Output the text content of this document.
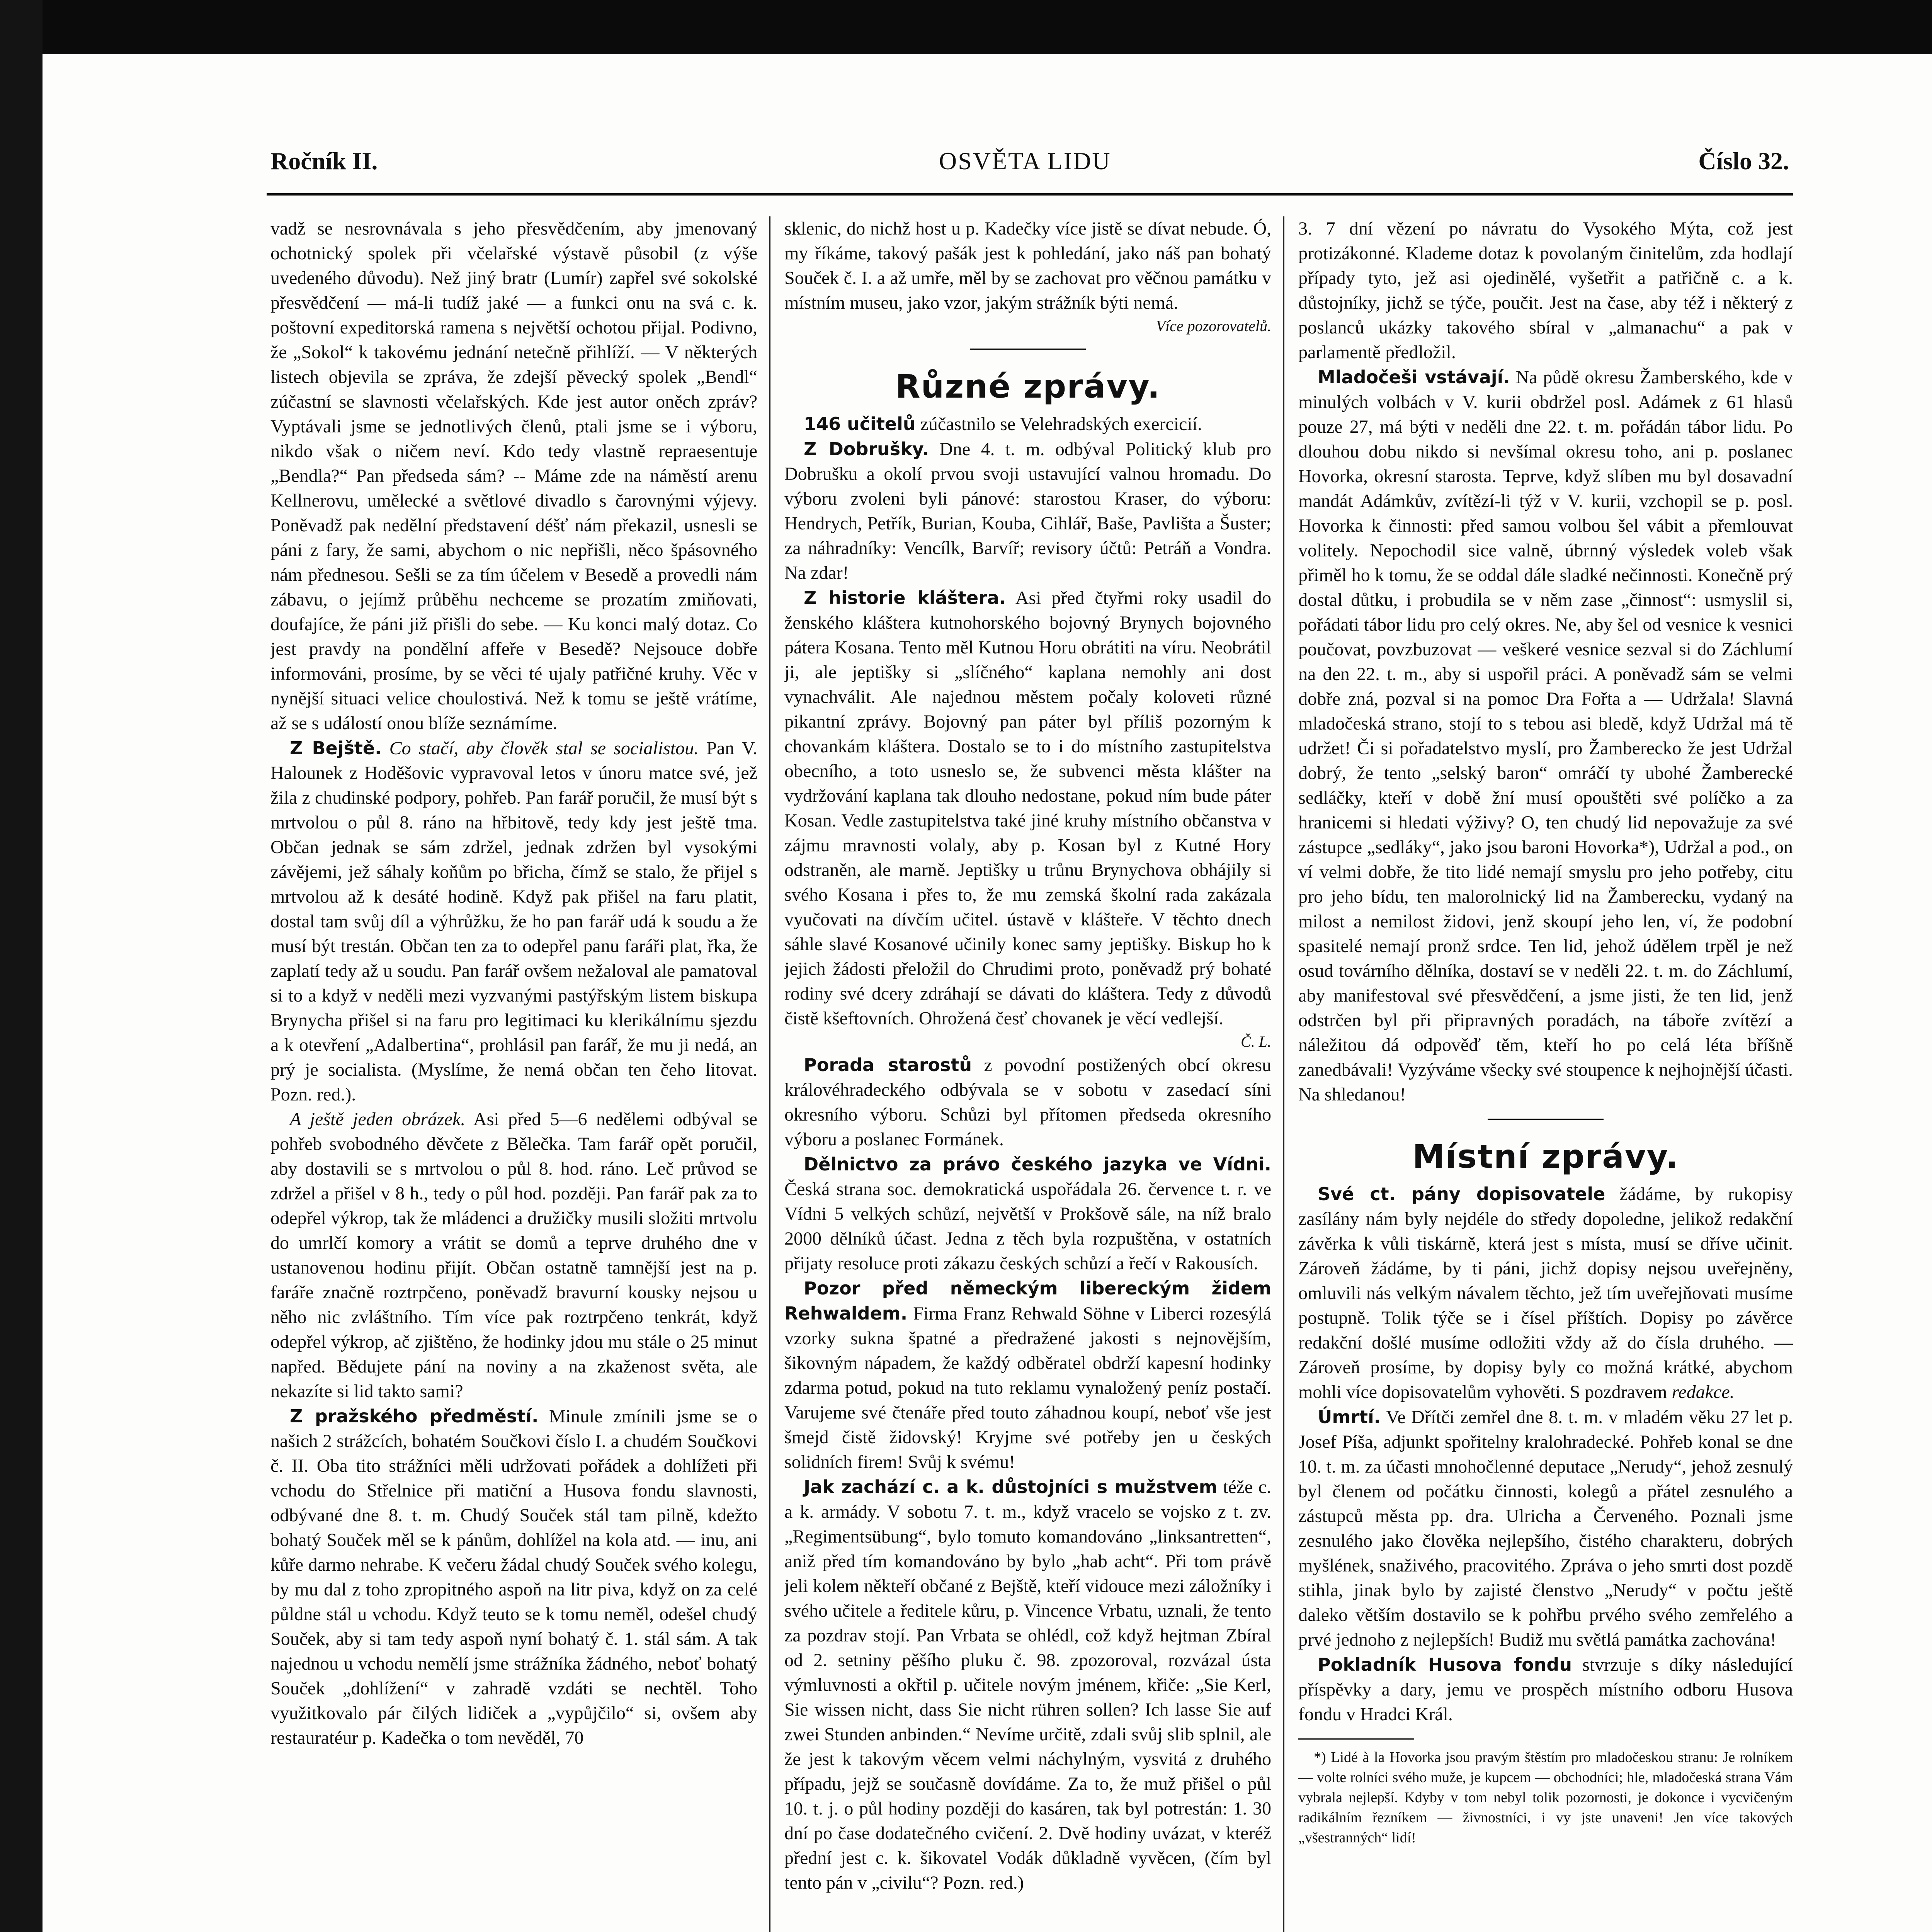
Ročník II.	OSVĚTA LIDU	Číslo 32.

vadž se nesrovnávala s jeho přesvědčením, aby jmenovaný ochotnický spolek při včelařské výstavě působil (z výše uvedeného důvodu). Než jiný bratr (Lumír) zapřel své sokolské přesvědčení — má-li tudíž jaké — a funkci onu na svá c. k. poštovní expeditorská ramena s největší ochotou přijal. Podivno, že „Sokol“ k takovému jednání netečně přihlíží. — V některých listech objevila se zpráva, že zdejší pěvecký spolek „Bendl“ zúčastní se slavnosti včelařských. Kde jest autor oněch zpráv? Vyptávali jsme se jednotlivých členů, ptali jsme se i výboru, nikdo však o ničem neví. Kdo tedy vlastně repraesentuje „Bendla?“ Pan předseda sám? -- Máme zde na náměstí arenu Kellnerovu, umělecké a světlové divadlo s čarovnými výjevy. Poněvadž pak nedělní představení déšť nám překazil, usnesli se páni z fary, že sami, abychom o nic nepřišli, něco špásovného nám přednesou. Sešli se za tím účelem v Besedě a provedli nám zábavu, o jejímž průběhu nechceme se prozatím zmiňovati, doufajíce, že páni již přišli do sebe. — Ku konci malý dotaz. Co jest pravdy na pondělní affeře v Besedě? Nejsouce dobře informováni, prosíme, by se věci té ujaly patřičné kruhy. Věc v nynější situaci velice choulostivá. Než k tomu se ještě vrátíme, až se s událostí onou blíže seznámíme.

Z Bejště. Co stačí, aby člověk stal se socialistou. Pan V. Halounek z Hoděšovic vypravoval letos v únoru matce své, jež žila z chudinské podpory, pohřeb. Pan farář poručil, že musí být s mrtvolou o půl 8. ráno na hřbitově, tedy kdy jest ještě tma. Občan jednak se sám zdržel, jednak zdržen byl vysokými závějemi, jež sáhaly koňům po břicha, čímž se stalo, že přijel s mrtvolou až k desáté hodině. Když pak přišel na faru platit, dostal tam svůj díl a výhrůžku, že ho pan farář udá k soudu a že musí být trestán. Občan ten za to odepřel panu faráři plat, řka, že zaplatí tedy až u soudu. Pan farář ovšem nežaloval ale pamatoval si to a když v neděli mezi vyzvanými pastýřským listem biskupa Brynycha přišel si na faru pro legitimaci ku klerikálnímu sjezdu a k otevření „Adalbertina“, prohlásil pan farář, že mu ji nedá, an prý je socialista. (Myslíme, že nemá občan ten čeho litovat. Pozn. red.).

A ještě jeden obrázek. Asi před 5—6 nedělemi odbýval se pohřeb svobodného děvčete z Bělečka. Tam farář opět poručil, aby dostavili se s mrtvolou o půl 8. hod. ráno. Leč průvod se zdržel a přišel v 8 h., tedy o půl hod. později. Pan farář pak za to odepřel výkrop, tak že mládenci a družičky musili složiti mrtvolu do umrlčí komory a vrátit se domů a teprve druhého dne v ustanovenou hodinu přijít. Občan ostatně tamnější jest na p. faráře značně roztrpčeno, poněvadž bravurní kousky nejsou u něho nic zvláštního. Tím více pak roztrpčeno tenkrát, když odepřel výkrop, ač zjištěno, že hodinky jdou mu stále o 25 minut napřed. Bědujete pání na noviny a na zkaženost světa, ale nekazíte si lid takto sami?

Z pražského předměstí. Minule zmínili jsme se o našich 2 strážcích, bohatém Součkovi číslo I. a chudém Součkovi č. II. Oba tito strážníci měli udržovati pořádek a dohlížeti při vchodu do Střelnice při matiční a Husova fondu slavnosti, odbývané dne 8. t. m. Chudý Souček stál tam pilně, kdežto bohatý Souček měl se k pánům, dohlížel na kola atd. — inu, ani kůře darmo nehrabe. K večeru žádal chudý Souček svého kolegu, by mu dal z toho zpropitného aspoň na litr piva, když on za celé půldne stál u vchodu. Když teuto se k tomu neměl, odešel chudý Souček, aby si tam tedy aspoň nyní bohatý č. 1. stál sám. A tak najednou u vchodu nemělí jsme strážníka žádného, neboť bohatý Souček „dohlížení“ v zahradě vzdáti se nechtěl. Toho využitkovalo pár čilých lidiček a „vypůjčilo“ si, ovšem aby restauratéur p. Kadečka o tom nevěděl, 70

sklenic, do nichž host u p. Kadečky více jistě se dívat nebude. Ó, my říkáme, takový pašák jest k pohledání, jako náš pan bohatý Souček č. I. a až umře, měl by se zachovat pro věčnou památku v místním museu, jako vzor, jakým strážník býti nemá.

Více pozorovatelů.

Různé zprávy.

146 učitelů zúčastnilo se Velehradských exercicií.

Z Dobrušky. Dne 4. t. m. odbýval Politický klub pro Dobrušku a okolí prvou svoji ustavující valnou hromadu. Do výboru zvoleni byli pánové: starostou Kraser, do výboru: Hendrych, Petřík, Burian, Kouba, Cihlář, Baše, Pavlišta a Šuster; za náhradníky: Vencílk, Barvíř; revisory účtů: Petráň a Vondra. Na zdar!

Z historie kláštera. Asi před čtyřmi roky usadil do ženského kláštera kutnohorského bojovný Brynych bojovného pátera Kosana. Tento měl Kutnou Horu obrátiti na víru. Neobrátil ji, ale jeptišky si „slíčného“ kaplana nemohly ani dost vynachválit. Ale najednou městem počaly koloveti různé pikantní zprávy. Bojovný pan páter byl příliš pozorným k chovankám kláštera. Dostalo se to i do místního zastupitelstva obecního, a toto usneslo se, že subvenci města klášter na vydržování kaplana tak dlouho nedostane, pokud ním bude páter Kosan. Vedle zastupitelstva také jiné kruhy místního občanstva v zájmu mravnosti volaly, aby p. Kosan byl z Kutné Hory odstraněn, ale marně. Jeptišky u trůnu Brynychova obhájily si svého Kosana i přes to, že mu zemská školní rada zakázala vyučovati na dívčím učitel. ústavě v klášteře. V těchto dnech sáhle slavé Kosanové učinily konec samy jeptišky. Biskup ho k jejich žádosti přeložil do Chrudimi proto, poněvadž prý bohaté rodiny své dcery zdráhají se dávati do kláštera. Tedy z důvodů čistě kšeftovních. Ohrožená česť chovanek je věcí vedlejší.

Č. L.

Porada starostů z povodní postižených obcí okresu královéhradeckého odbývala se v sobotu v zasedací síni okresního výboru. Schůzi byl přítomen předseda okresního výboru a poslanec Formánek.

Dělnictvo za právo českého jazyka ve Vídni. Česká strana soc. demokratická uspořádala 26. července t. r. ve Vídni 5 velkých schůzí, největší v Prokšově sále, na níž bralo 2000 dělníků účast. Jedna z těch byla rozpuštěna, v ostatních přijaty resoluce proti zákazu českých schůzí a řečí v Rakousích.

Pozor před německým libereckým židem Rehwaldem. Firma Franz Rehwald Söhne v Liberci rozesýlá vzorky sukna špatné a předražené jakosti s nejnovějším, šikovným nápadem, že každý odběratel obdrží kapesní hodinky zdarma potud, pokud na tuto reklamu vynaložený peníz postačí. Varujeme své čtenáře před touto záhadnou koupí, neboť vše jest šmejd čistě židovský! Kryjme své potřeby jen u českých solidních firem! Svůj k svému!

Jak zachází c. a k. důstojníci s mužstvem téže c. a k. armády. V sobotu 7. t. m., když vracelo se vojsko z t. zv. „Regimentsübung“, bylo tomuto komandováno „linksantretten“, aniž před tím komandováno by bylo „hab acht“. Při tom právě jeli kolem někteří občané z Bejště, kteří vidouce mezi záložníky i svého učitele a ředitele kůru, p. Vincence Vrbatu, uznali, že tento za pozdrav stojí. Pan Vrbata se ohlédl, což když hejtman Zbíral od 2. setniny pěšího pluku č. 98. zpozoroval, rozvázal ústa výmluvnosti a okřtil p. učitele novým jménem, křiče: „Sie Kerl, Sie wissen nicht, dass Sie nicht rühren sollen? Ich lasse Sie auf zwei Stunden anbinden.“ Nevíme určitě, zdali svůj slib splnil, ale že jest k takovým věcem velmi náchylným, vysvitá z druhého případu, jejž se současně dovídáme. Za to, že muž přišel o půl 10. t. j. o půl hodiny později do kasáren, tak byl potrestán: 1. 30 dní po čase dodatečného cvičení. 2. Dvě hodiny uvázat, v kteréž přední jest c. k. šikovatel Vodák důkladně vyvěcen, (čím byl tento pán v „civilu“? Pozn. red.)

3. 7 dní vězení po návratu do Vysokého Mýta, což jest protizákonné. Klademe dotaz k povolaným činitelům, zda hodlají případy tyto, jež asi ojedinělé, vyšetřit a patřičně c. a k. důstojníky, jichž se týče, poučit. Jest na čase, aby též i některý z poslanců ukázky takového sbíral v „almanachu“ a pak v parlamentě předložil.

Mladočeši vstávají. Na půdě okresu Žamberského, kde v minulých volbách v V. kurii obdržel posl. Adámek z 61 hlasů pouze 27, má býti v neděli dne 22. t. m. pořádán tábor lidu. Po dlouhou dobu nikdo si nevšímal okresu toho, ani p. poslanec Hovorka, okresní starosta. Teprve, když slíben mu byl dosavadní mandát Adámkův, zvítězí-li týž v V. kurii, vzchopil se p. posl. Hovorka k činnosti: před samou volbou šel vábit a přemlouvat volitely. Nepochodil sice valně, úbrnný výsledek voleb však přiměl ho k tomu, že se oddal dále sladké nečinnosti. Konečně prý dostal důtku, i probudila se v něm zase „činnost“: usmyslil si, pořádati tábor lidu pro celý okres. Ne, aby šel od vesnice k vesnici poučovat, povzbuzovat — veškeré vesnice sezval si do Záchlumí na den 22. t. m., aby si uspořil práci. A poněvadž sám se velmi dobře zná, pozval si na pomoc Dra Fořta a — Udržala! Slavná mladočeská strano, stojí to s tebou asi bledě, když Udržal má tě udržet! Či si pořadatelstvo myslí, pro Žamberecko že jest Udržal dobrý, že tento „selský baron“ omráčí ty ubohé Žamberecké sedláčky, kteří v době žní musí opouštěti své políčko a za hranicemi si hledati výživy? O, ten chudý lid nepovažuje za své zástupce „sedláky“, jako jsou baroni Hovorka*), Udržal a pod., on ví velmi dobře, že tito lidé nemají smyslu pro jeho potřeby, citu pro jeho bídu, ten malorolnický lid na Žamberecku, vydaný na milost a nemilost židovi, jenž skoupí jeho len, ví, že podobní spasitelé nemají pronž srdce. Ten lid, jehož údělem trpěl je než osud továrního dělníka, dostaví se v neděli 22. t. m. do Záchlumí, aby manifestoval své přesvědčení, a jsme jisti, že ten lid, jenž odstrčen byl při připravných poradách, na táboře zvítězí a náležitou dá odpověď těm, kteří ho po celá léta bříšně zanedbávali! Vyzýváme všecky své stoupence k nejhojnější účasti. Na shledanou!

Místní zprávy.

Své ct. pány dopisovatele žádáme, by rukopisy zasílány nám byly nejdéle do středy dopoledne, jelikož redakční závěrka k vůli tiskárně, která jest s místa, musí se dříve učinit. Zároveň žádáme, by ti páni, jichž dopisy nejsou uveřejněny, omluvili nás velkým návalem těchto, jež tím uveřejňovati musíme postupně. Tolik týče se i čísel příštích. Dopisy po závěrce redakční došlé musíme odložiti vždy až do čísla druhého. — Zároveň prosíme, by dopisy byly co možná krátké, abychom mohli více dopisovatelům vyhověti. S pozdravem redakce.

Úmrtí. Ve Dřítči zemřel dne 8. t. m. v mladém věku 27 let p. Josef Píša, adjunkt spořitelny kralohradecké. Pohřeb konal se dne 10. t. m. za účasti mnohočlenné deputace „Nerudy“, jehož zesnulý byl členem od počátku činnosti, kolegů a přátel zesnulého a zástupců města pp. dra. Ulricha a Červeného. Poznali jsme zesnulého jako člověka nejlepšího, čistého charakteru, dobrých myšlének, snaživého, pracovitého. Zpráva o jeho smrti dost pozdě stihla, jinak bylo by zajisté členstvo „Nerudy“ v počtu ještě daleko větším dostavilo se k pohřbu prvého svého zemřelého a prvé jednoho z nejlepších! Budiž mu světlá památka zachována!

Pokladník Husova fondu stvrzuje s díky následující příspěvky a dary, jemu ve prospěch místního odboru Husova fondu v Hradci Král.

*) Lidé à la Hovorka jsou pravým štěstím pro mladočeskou stranu: Je rolníkem — volte rolníci svého muže, je kupcem — obchodníci; hle, mladočeská strana Vám vybrala nejlepší. Kdyby v tom nebyl tolik pozornosti, je dokonce i vycvičeným radikálním řezníkem — živnostníci, i vy jste unaveni! Jen více takových „všestranných“ lidí!
